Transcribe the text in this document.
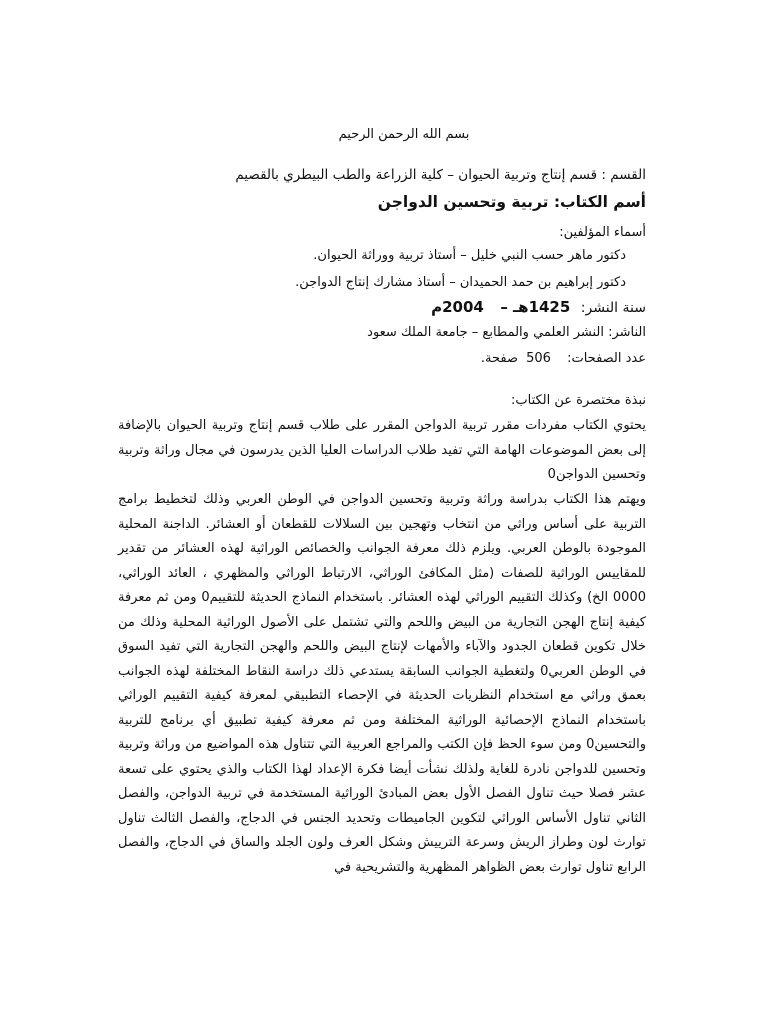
بسم الله الرحمن الرحيم
القسم : قسم إنتاج وتربية الحيوان – كلية الزراعة والطب البيطري بالقصيم
أسم الكتاب: تربية وتحسين الدواجن
أسماء المؤلفين:
دكتور ماهر حسب النبي خليل – أستاذ تربية ووراثة الحيوان.
دكتور إبراهيم بن حمد الحميدان – أستاذ مشارك إنتاج الدواجن.
سنة النشر: 1425هـ – 2004م
الناشر: النشر العلمي والمطابع – جامعة الملك سعود
عدد الصفحات: 506 صفحة.
نبذة مختصرة عن الكتاب:
يحتوي الكتاب مفردات مقرر تربية الدواجن المقرر على طلاب قسم إنتاج وتربية الحيوان بالإضافة إلى بعض الموضوعات الهامة التي تفيد طلاب الدراسات العليا الذين يدرسون في مجال وراثة وتربية وتحسين الدواجن0
ويهتم هذا الكتاب بدراسة وراثة وتربية وتحسين الدواجن في الوطن العربي وذلك لتخطيط برامج التربية على أساس وراثي من انتخاب وتهجين بين السلالات للقطعان أو العشائر. الداجنة المحلية الموجودة بالوطن العربي. ويلزم ذلك معرفة الجوانب والخصائص الوراثية لهذه العشائر من تقدير للمقاييس الوراثية للصفات (مثل المكافئ الوراثي، الارتباط الوراثي والمظهري ، العائد الوراثي، 0000 الخ) وكذلك التقييم الوراثي لهذه العشائر. باستخدام النماذج الحديثة للتقييم0 ومن ثم معرفة كيفية إنتاج الهجن التجارية من البيض واللحم والتي تشتمل على الأصول الوراثية المحلية وذلك من خلال تكوين قطعان الجدود والآباء والأمهات لإنتاج البيض واللحم والهجن التجارية التي تفيد السوق في الوطن العربي0 ولتغطية الجوانب السابقة يستدعي ذلك دراسة النقاط المختلفة لهذه الجوانب بعمق وراثي مع استخدام النظريات الحديثة في الإحصاء التطبيقي لمعرفة كيفية التقييم الوراثي باستخدام النماذج الإحصائية الوراثية المختلفة ومن ثم معرفة كيفية تطبيق أي برنامج للتربية والتحسين0 ومن سوء الحظ فإن الكتب والمراجع العربية التي تتناول هذه المواضيع من وراثة وتربية وتحسين للدواجن نادرة للغاية ولذلك نشأت أيضا فكرة الإعداد لهذا الكتاب والذي يحتوي على تسعة عشر فصلا حيث تناول الفصل الأول بعض المبادئ الوراثية المستخدمة في تربية الدواجن، والفصل الثاني تناول الأساس الوراثي لتكوين الجاميطات وتحديد الجنس في الدجاج، والفصل الثالث تناول توارث لون وطراز الريش وسرعة الترييش وشكل العرف ولون الجلد والساق في الدجاج، والفصل الرابع تناول توارث بعض الظواهر المظهرية والتشريحية في
